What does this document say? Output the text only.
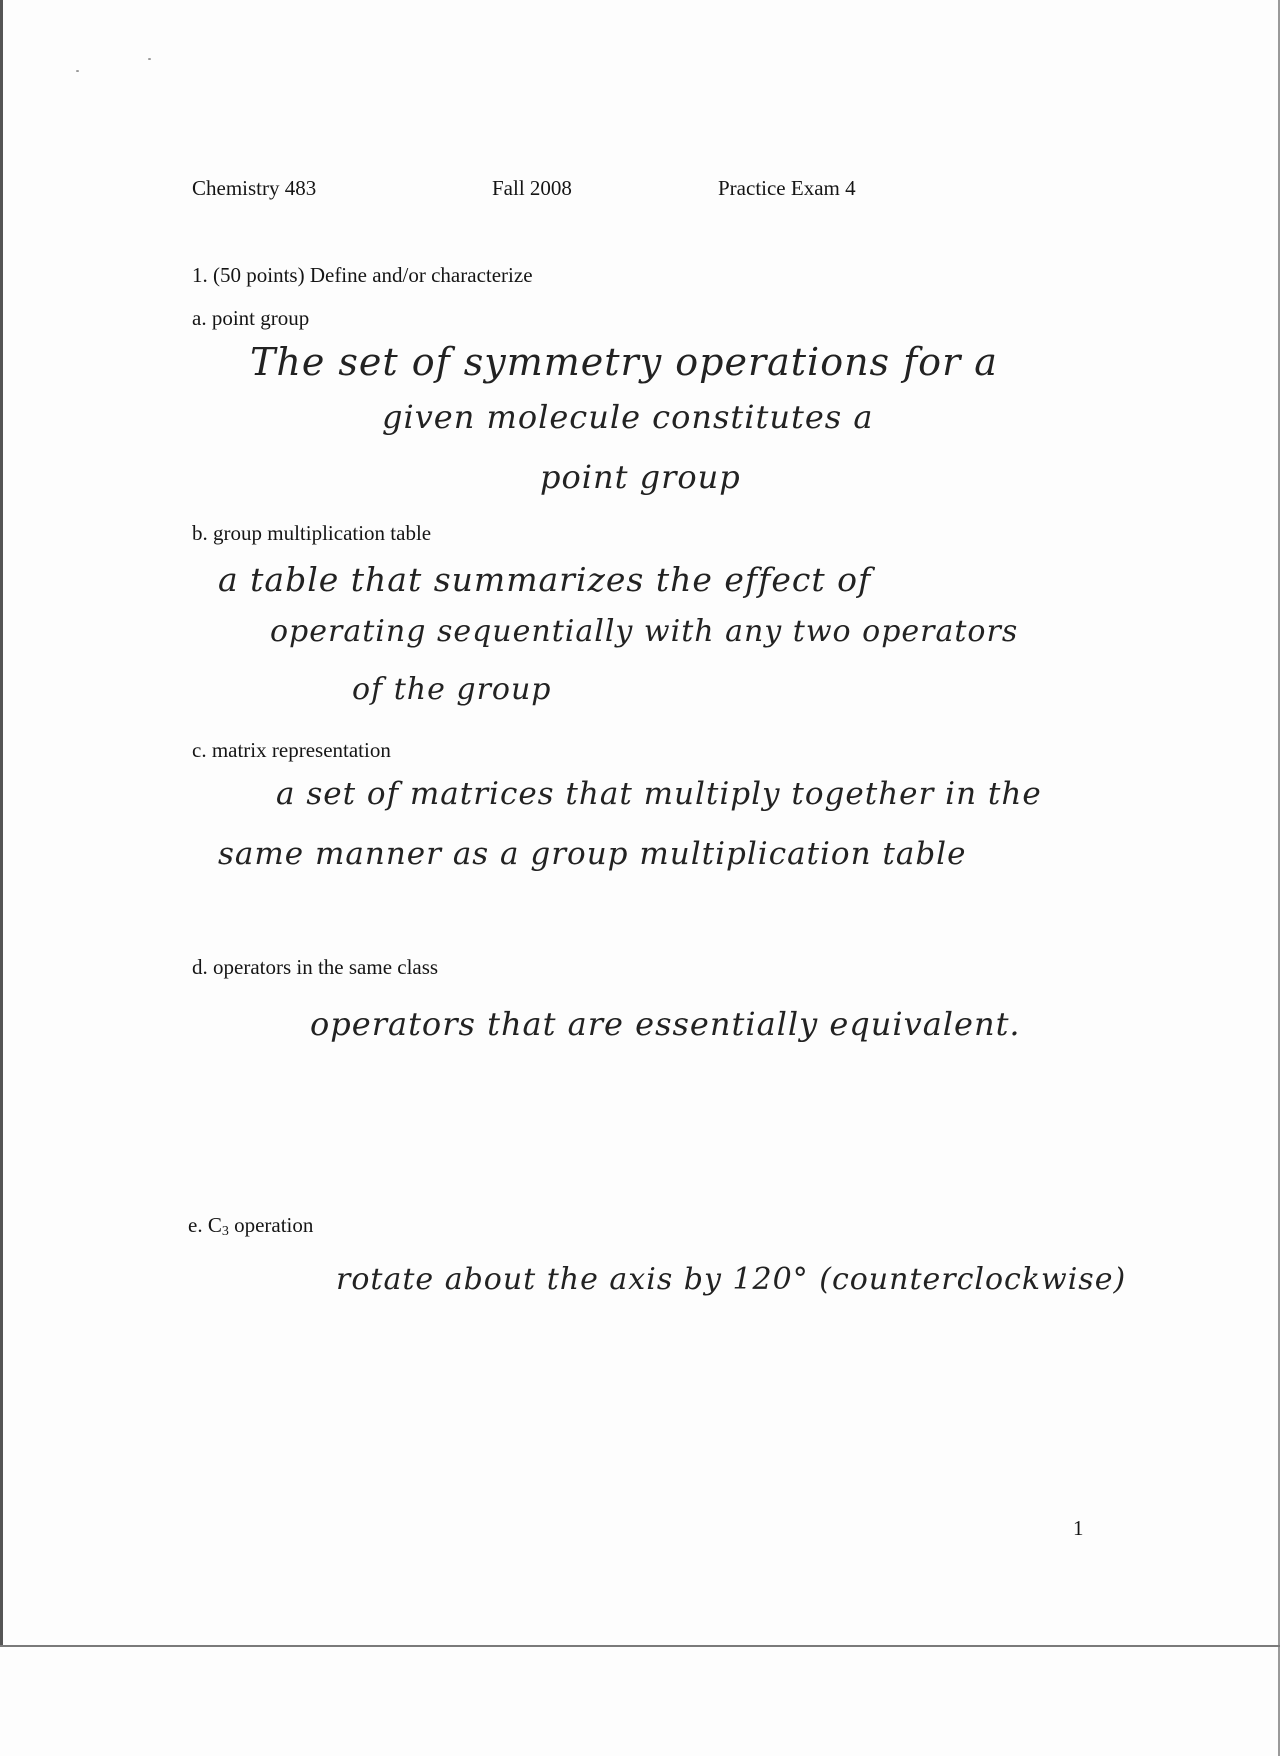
Chemistry 483	Fall 2008	Practice Exam 4
1. (50 points) Define and/or characterize
a. point group
The set of symmetry operations for a
given molecule constitutes a
point group
b. group multiplication table
a table that summarizes the effect of
operating sequentially with any two operators
of the group
c. matrix representation
a set of matrices that multiply together in the
same manner as a group multiplication table
d. operators in the same class
operators that are essentially equivalent.
e. $C_3$ operation
rotate about the axis by 120° (counterclockwise)
1
